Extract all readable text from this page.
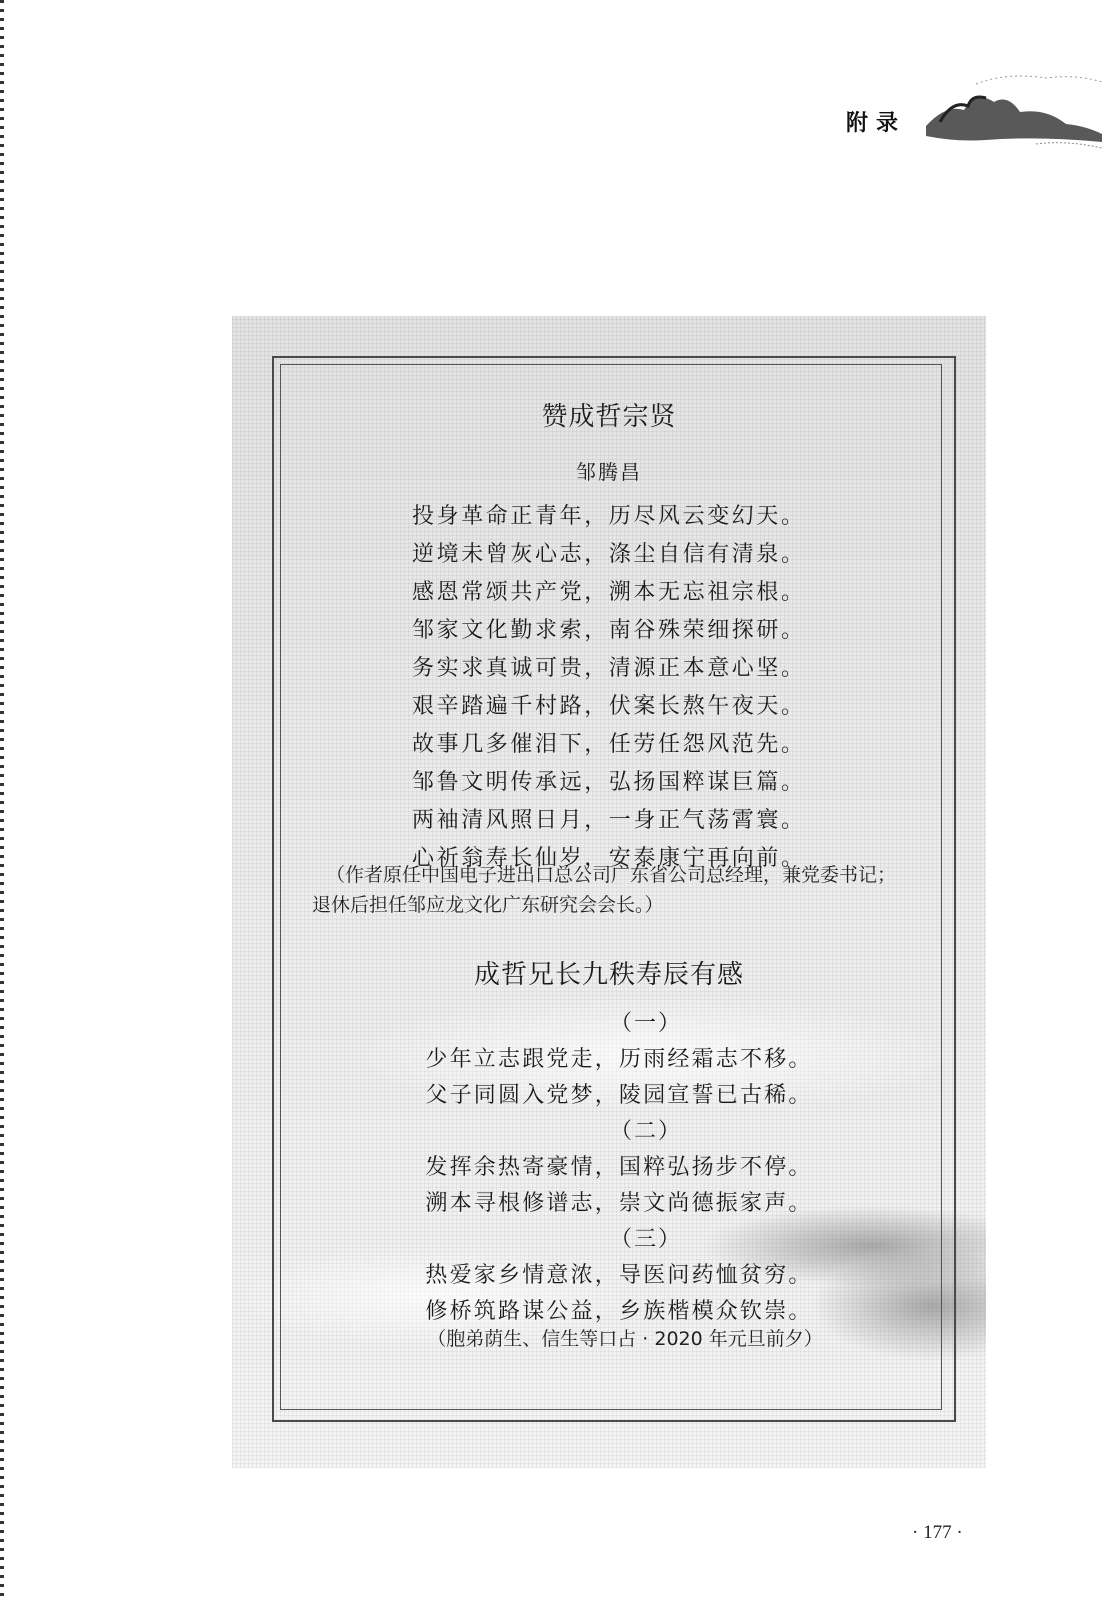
附录
赞成哲宗贤
邹腾昌
投身革命正青年，历尽风云变幻天。
逆境未曾灰心志，涤尘自信有清泉。
感恩常颂共产党，溯本无忘祖宗根。
邹家文化勤求索，南谷殊荣细探研。
务实求真诚可贵，清源正本意心坚。
艰辛踏遍千村路，伏案长熬午夜天。
故事几多催泪下，任劳任怨风范先。
邹鲁文明传承远，弘扬国粹谋巨篇。
两袖清风照日月，一身正气荡霄寰。
心祈翁寿长仙岁，安泰康宁再向前。
（作者原任中国电子进出口总公司广东省公司总经理，兼党委书记；退休后担任邹应龙文化广东研究会会长。）
成哲兄长九秩寿辰有感
（一）
少年立志跟党走，历雨经霜志不移。
父子同圆入党梦，陵园宣誓已古稀。
（二）
发挥余热寄豪情，国粹弘扬步不停。
溯本寻根修谱志，崇文尚德振家声。
（三）
热爱家乡情意浓，导医问药恤贫穷。
修桥筑路谋公益，乡族楷模众钦崇。
（胞弟荫生、信生等口占 · 2020 年元旦前夕）
· 177 ·
